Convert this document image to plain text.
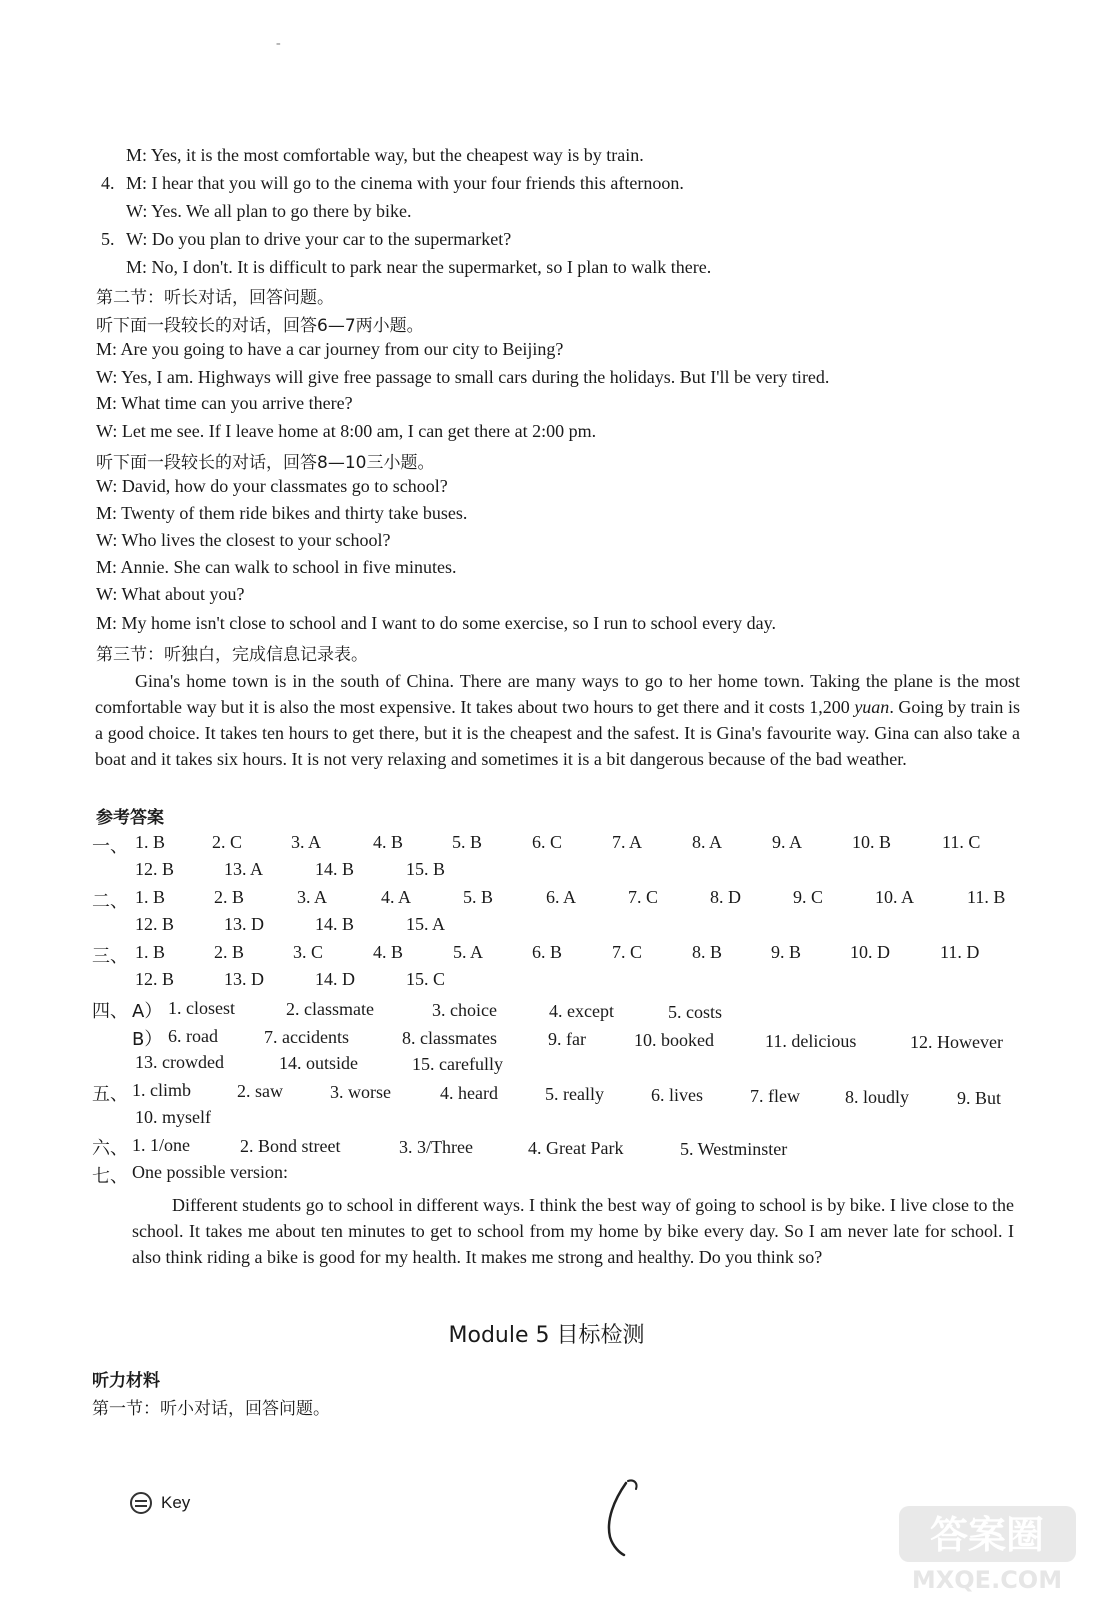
-
M: Yes, it is the most comfortable way, but the cheapest way is by train.
4. M: I hear that you will go to the cinema with your four friends this afternoon.
W: Yes. We all plan to go there by bike.
5. W: Do you plan to drive your car to the supermarket?
M: No, I don't. It is difficult to park near the supermarket, so I plan to walk there.
第二节：听长对话，回答问题。
听下面一段较长的对话，回答6—7两小题。
M: Are you going to have a car journey from our city to Beijing?
W: Yes, I am. Highways will give free passage to small cars during the holidays. But I'll be very tired.
M: What time can you arrive there?
W: Let me see. If I leave home at 8:00 am, I can get there at 2:00 pm.
听下面一段较长的对话，回答8—10三小题。
W: David, how do your classmates go to school?
M: Twenty of them ride bikes and thirty take buses.
W: Who lives the closest to your school?
M: Annie. She can walk to school in five minutes.
W: What about you?
M: My home isn't close to school and I want to do some exercise, so I run to school every day.
第三节：听独白，完成信息记录表。
Gina's home town is in the south of China. There are many ways to go to her home town. Taking the plane is the most comfortable way but it is also the most expensive. It takes about two hours to get there and it costs 1,200 yuan. Going by train is a good choice. It takes ten hours to get there, but it is the cheapest and the safest. It is Gina's favourite way. Gina can also take a boat and it takes six hours. It is not very relaxing and sometimes it is a bit dangerous because of the bad weather.
参考答案
一、 1. B	2. C	3. A	4. B	5. B	6. C	7. A	8. A	9. A	10. B	11. C
12. B	13. A	14. B	15. B
二、 1. B	2. B	3. A	4. A	5. B	6. A	7. C	8. D	9. C	10. A	11. B
12. B	13. D	14. B	15. A
三、 1. B	2. B	3. C	4. B	5. A	6. B	7. C	8. B	9. B	10. D	11. D
12. B	13. D	14. D	15. C
四、 A） 1. closest	2. classmate	3. choice	4. except	5. costs
B） 6. road	7. accidents	8. classmates	9. far	10. booked	11. delicious	12. However
13. crowded	14. outside	15. carefully
五、 1. climb	2. saw	3. worse	4. heard	5. really	6. lives	7. flew	8. loudly	9. But
10. myself
六、 1. 1/one	2. Bond street	3. 3/Three	4. Great Park	5. Westminster
七、 One possible version:
Different students go to school in different ways. I think the best way of going to school is by bike. I live close to the school. It takes me about ten minutes to get to school from my home by bike every day. So I am never late for school. I also think riding a bike is good for my health. It makes me strong and healthy. Do you think so?
Module 5 目标检测
听力材料
第一节：听小对话，回答问题。
Key
答案圈
MXQE.COM
